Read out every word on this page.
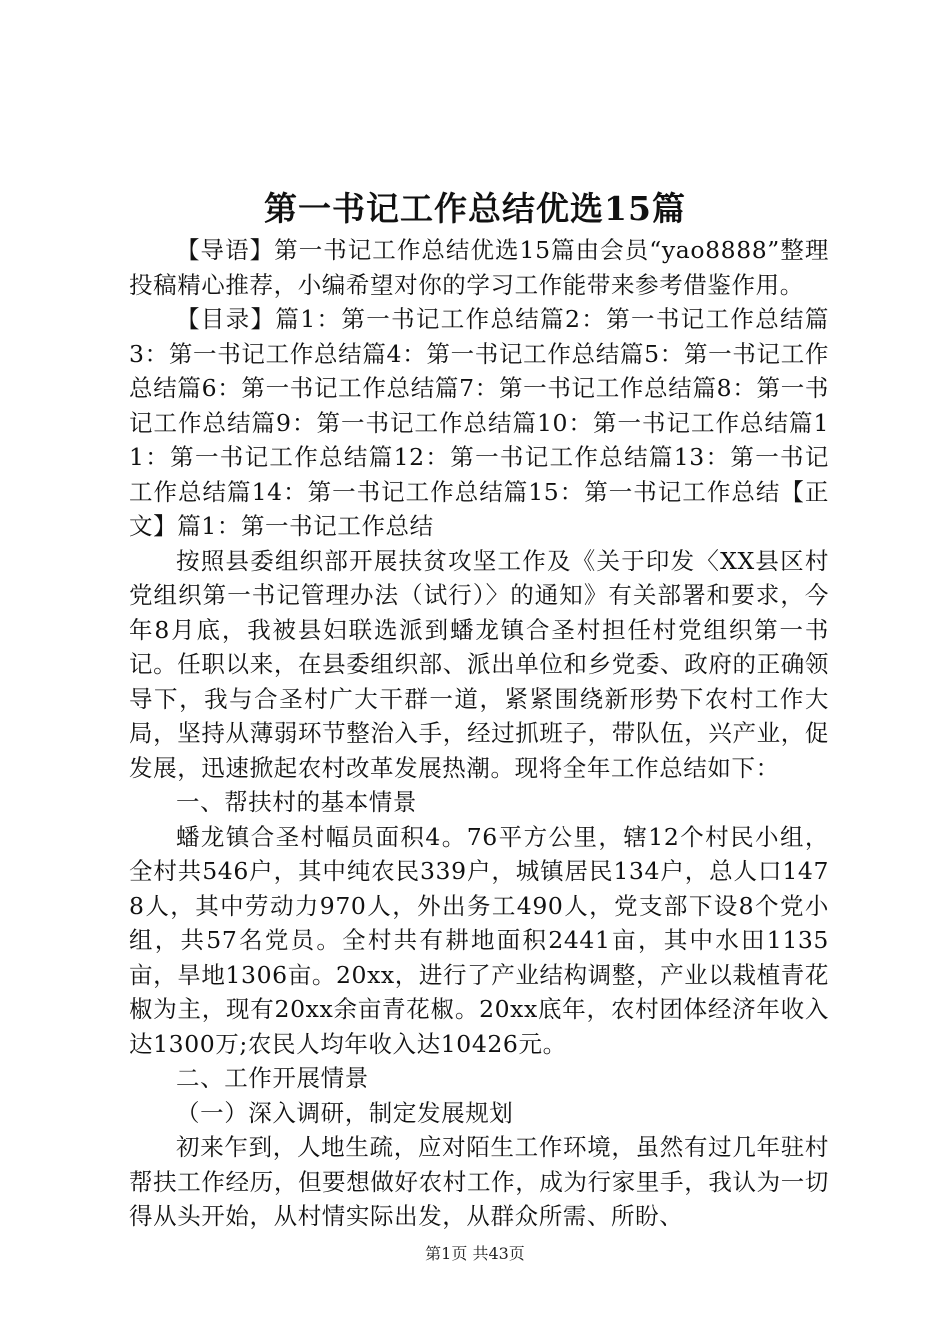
第一书记工作总结优选15篇

【导语】第一书记工作总结优选15篇由会员“yao8888”整理投稿精心推荐，小编希望对你的学习工作能带来参考借鉴作用。

【目录】篇1：第一书记工作总结篇2：第一书记工作总结篇3：第一书记工作总结篇4：第一书记工作总结篇5：第一书记工作总结篇6：第一书记工作总结篇7：第一书记工作总结篇8：第一书记工作总结篇9：第一书记工作总结篇10：第一书记工作总结篇11：第一书记工作总结篇12：第一书记工作总结篇13：第一书记工作总结篇14：第一书记工作总结篇15：第一书记工作总结【正文】篇1：第一书记工作总结

按照县委组织部开展扶贫攻坚工作及《关于印发〈XX县区村党组织第一书记管理办法（试行）〉的通知》有关部署和要求，今年8月底，我被县妇联选派到蟠龙镇合圣村担任村党组织第一书记。任职以来，在县委组织部、派出单位和乡党委、政府的正确领导下，我与合圣村广大干群一道，紧紧围绕新形势下农村工作大局，坚持从薄弱环节整治入手，经过抓班子，带队伍，兴产业，促发展，迅速掀起农村改革发展热潮。现将全年工作总结如下：

一、帮扶村的基本情景

蟠龙镇合圣村幅员面积4。76平方公里，辖12个村民小组，全村共546户，其中纯农民339户，城镇居民134户，总人口1478人，其中劳动力970人，外出务工490人，党支部下设8个党小组，共57名党员。全村共有耕地面积2441亩，其中水田1135亩，旱地1306亩。20xx，进行了产业结构调整，产业以栽植青花椒为主，现有20xx余亩青花椒。20xx底年，农村团体经济年收入达1300万;农民人均年收入达10426元。

二、工作开展情景

（一）深入调研，制定发展规划

初来乍到，人地生疏，应对陌生工作环境，虽然有过几年驻村帮扶工作经历，但要想做好农村工作，成为行家里手，我认为一切得从头开始，从村情实际出发，从群众所需、所盼、

第1页 共43页
